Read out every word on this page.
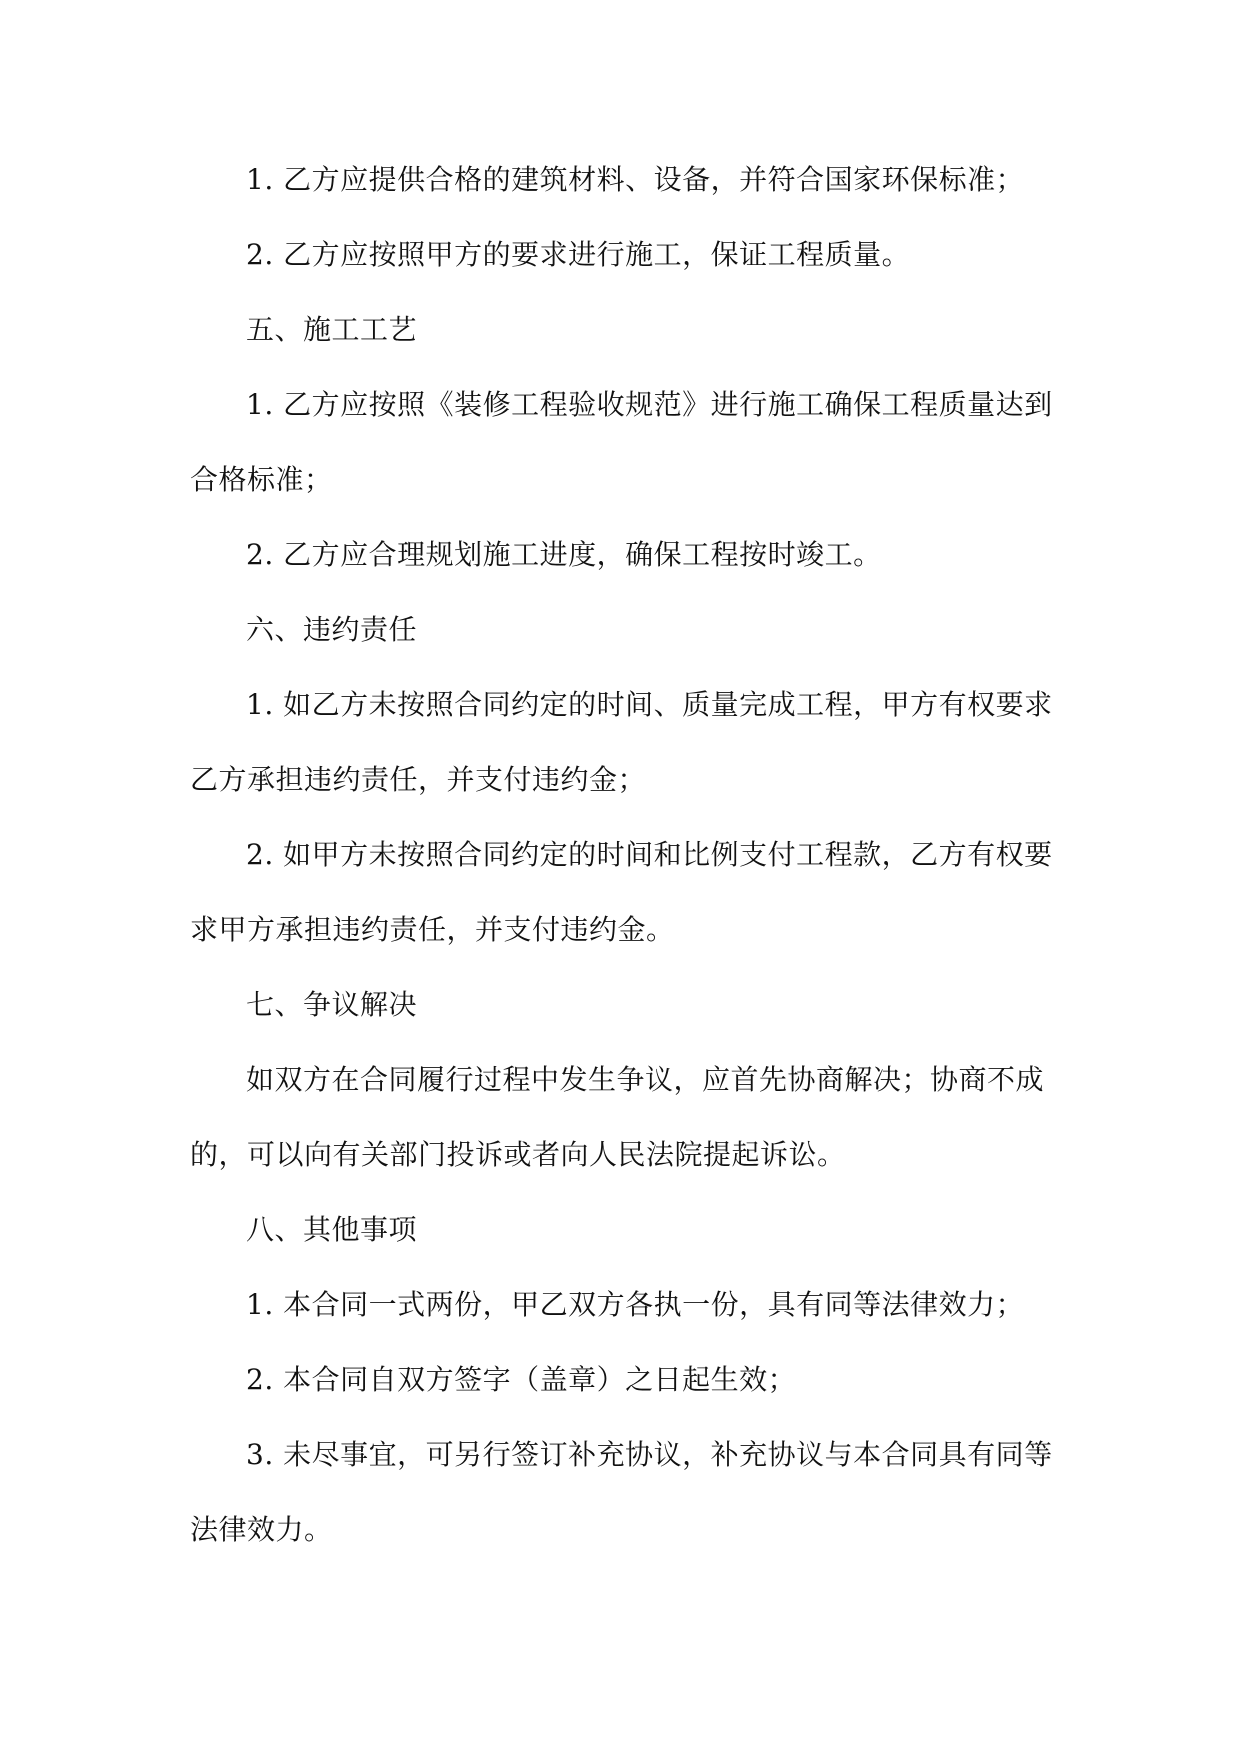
1. 乙方应提供合格的建筑材料、设备，并符合国家环保标准；

2. 乙方应按照甲方的要求进行施工，保证工程质量。

五、施工工艺

1. 乙方应按照《装修工程验收规范》进行施工确保工程质量达到合格标准；

2. 乙方应合理规划施工进度，确保工程按时竣工。

六、违约责任

1. 如乙方未按照合同约定的时间、质量完成工程，甲方有权要求乙方承担违约责任，并支付违约金；

2. 如甲方未按照合同约定的时间和比例支付工程款，乙方有权要求甲方承担违约责任，并支付违约金。

七、争议解决

如双方在合同履行过程中发生争议，应首先协商解决；协商不成的，可以向有关部门投诉或者向人民法院提起诉讼。

八、其他事项

1. 本合同一式两份，甲乙双方各执一份，具有同等法律效力；

2. 本合同自双方签字（盖章）之日起生效；

3. 未尽事宜，可另行签订补充协议，补充协议与本合同具有同等法律效力。
